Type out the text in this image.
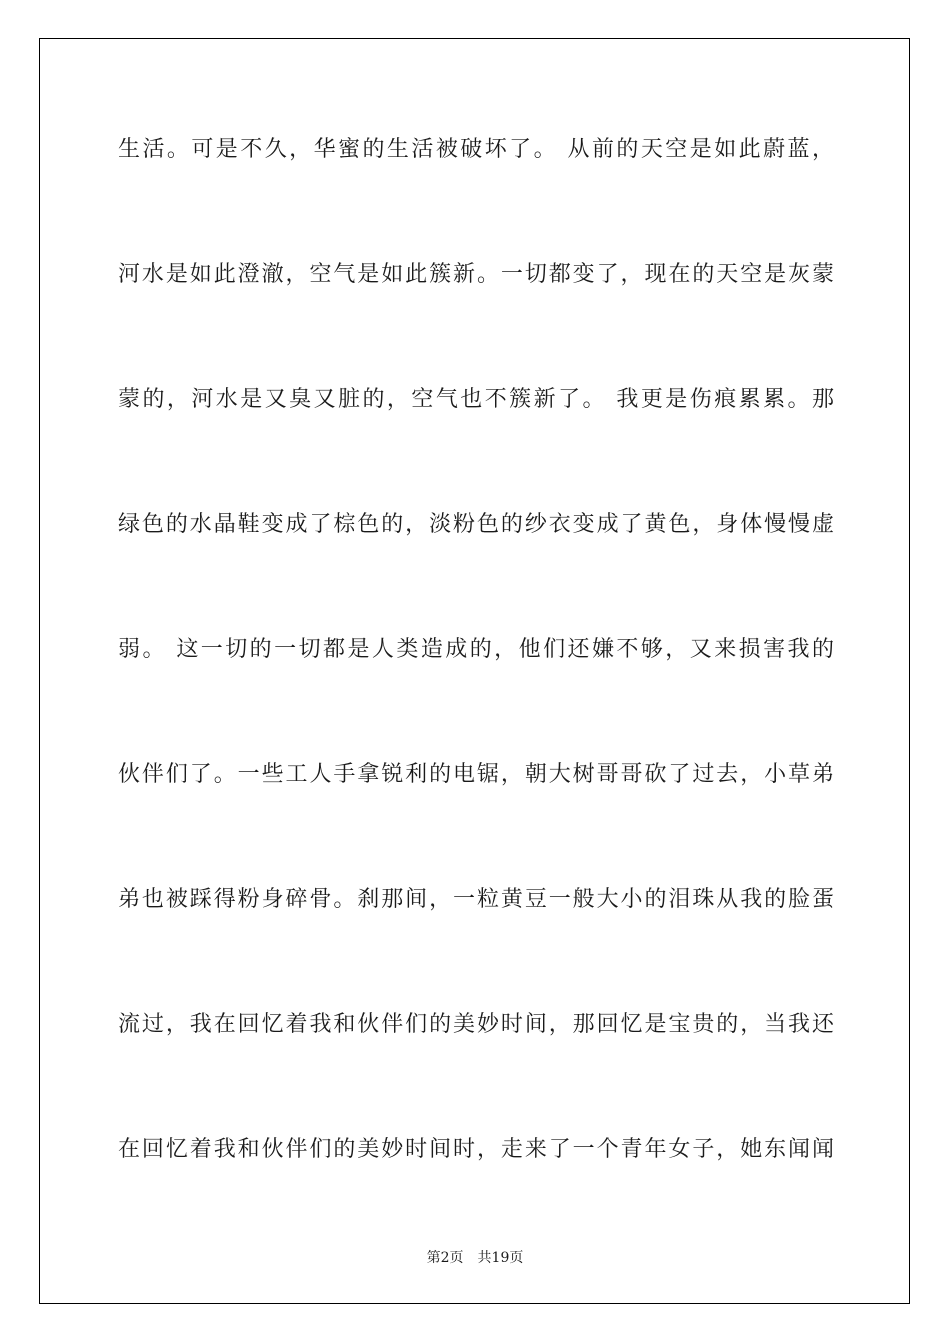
生活。可是不久，华蜜的生活被破坏了。 从前的天空是如此蔚蓝，
河水是如此澄澈，空气是如此簇新。一切都变了，现在的天空是灰蒙
蒙的，河水是又臭又脏的，空气也不簇新了。 我更是伤痕累累。那
绿色的水晶鞋变成了棕色的，淡粉色的纱衣变成了黄色，身体慢慢虚
弱。 这一切的一切都是人类造成的，他们还嫌不够，又来损害我的
伙伴们了。一些工人手拿锐利的电锯，朝大树哥哥砍了过去，小草弟
弟也被踩得粉身碎骨。刹那间，一粒黄豆一般大小的泪珠从我的脸蛋
流过，我在回忆着我和伙伴们的美妙时间，那回忆是宝贵的，当我还
在回忆着我和伙伴们的美妙时间时，走来了一个青年女子，她东闻闻
第2页 共19页
